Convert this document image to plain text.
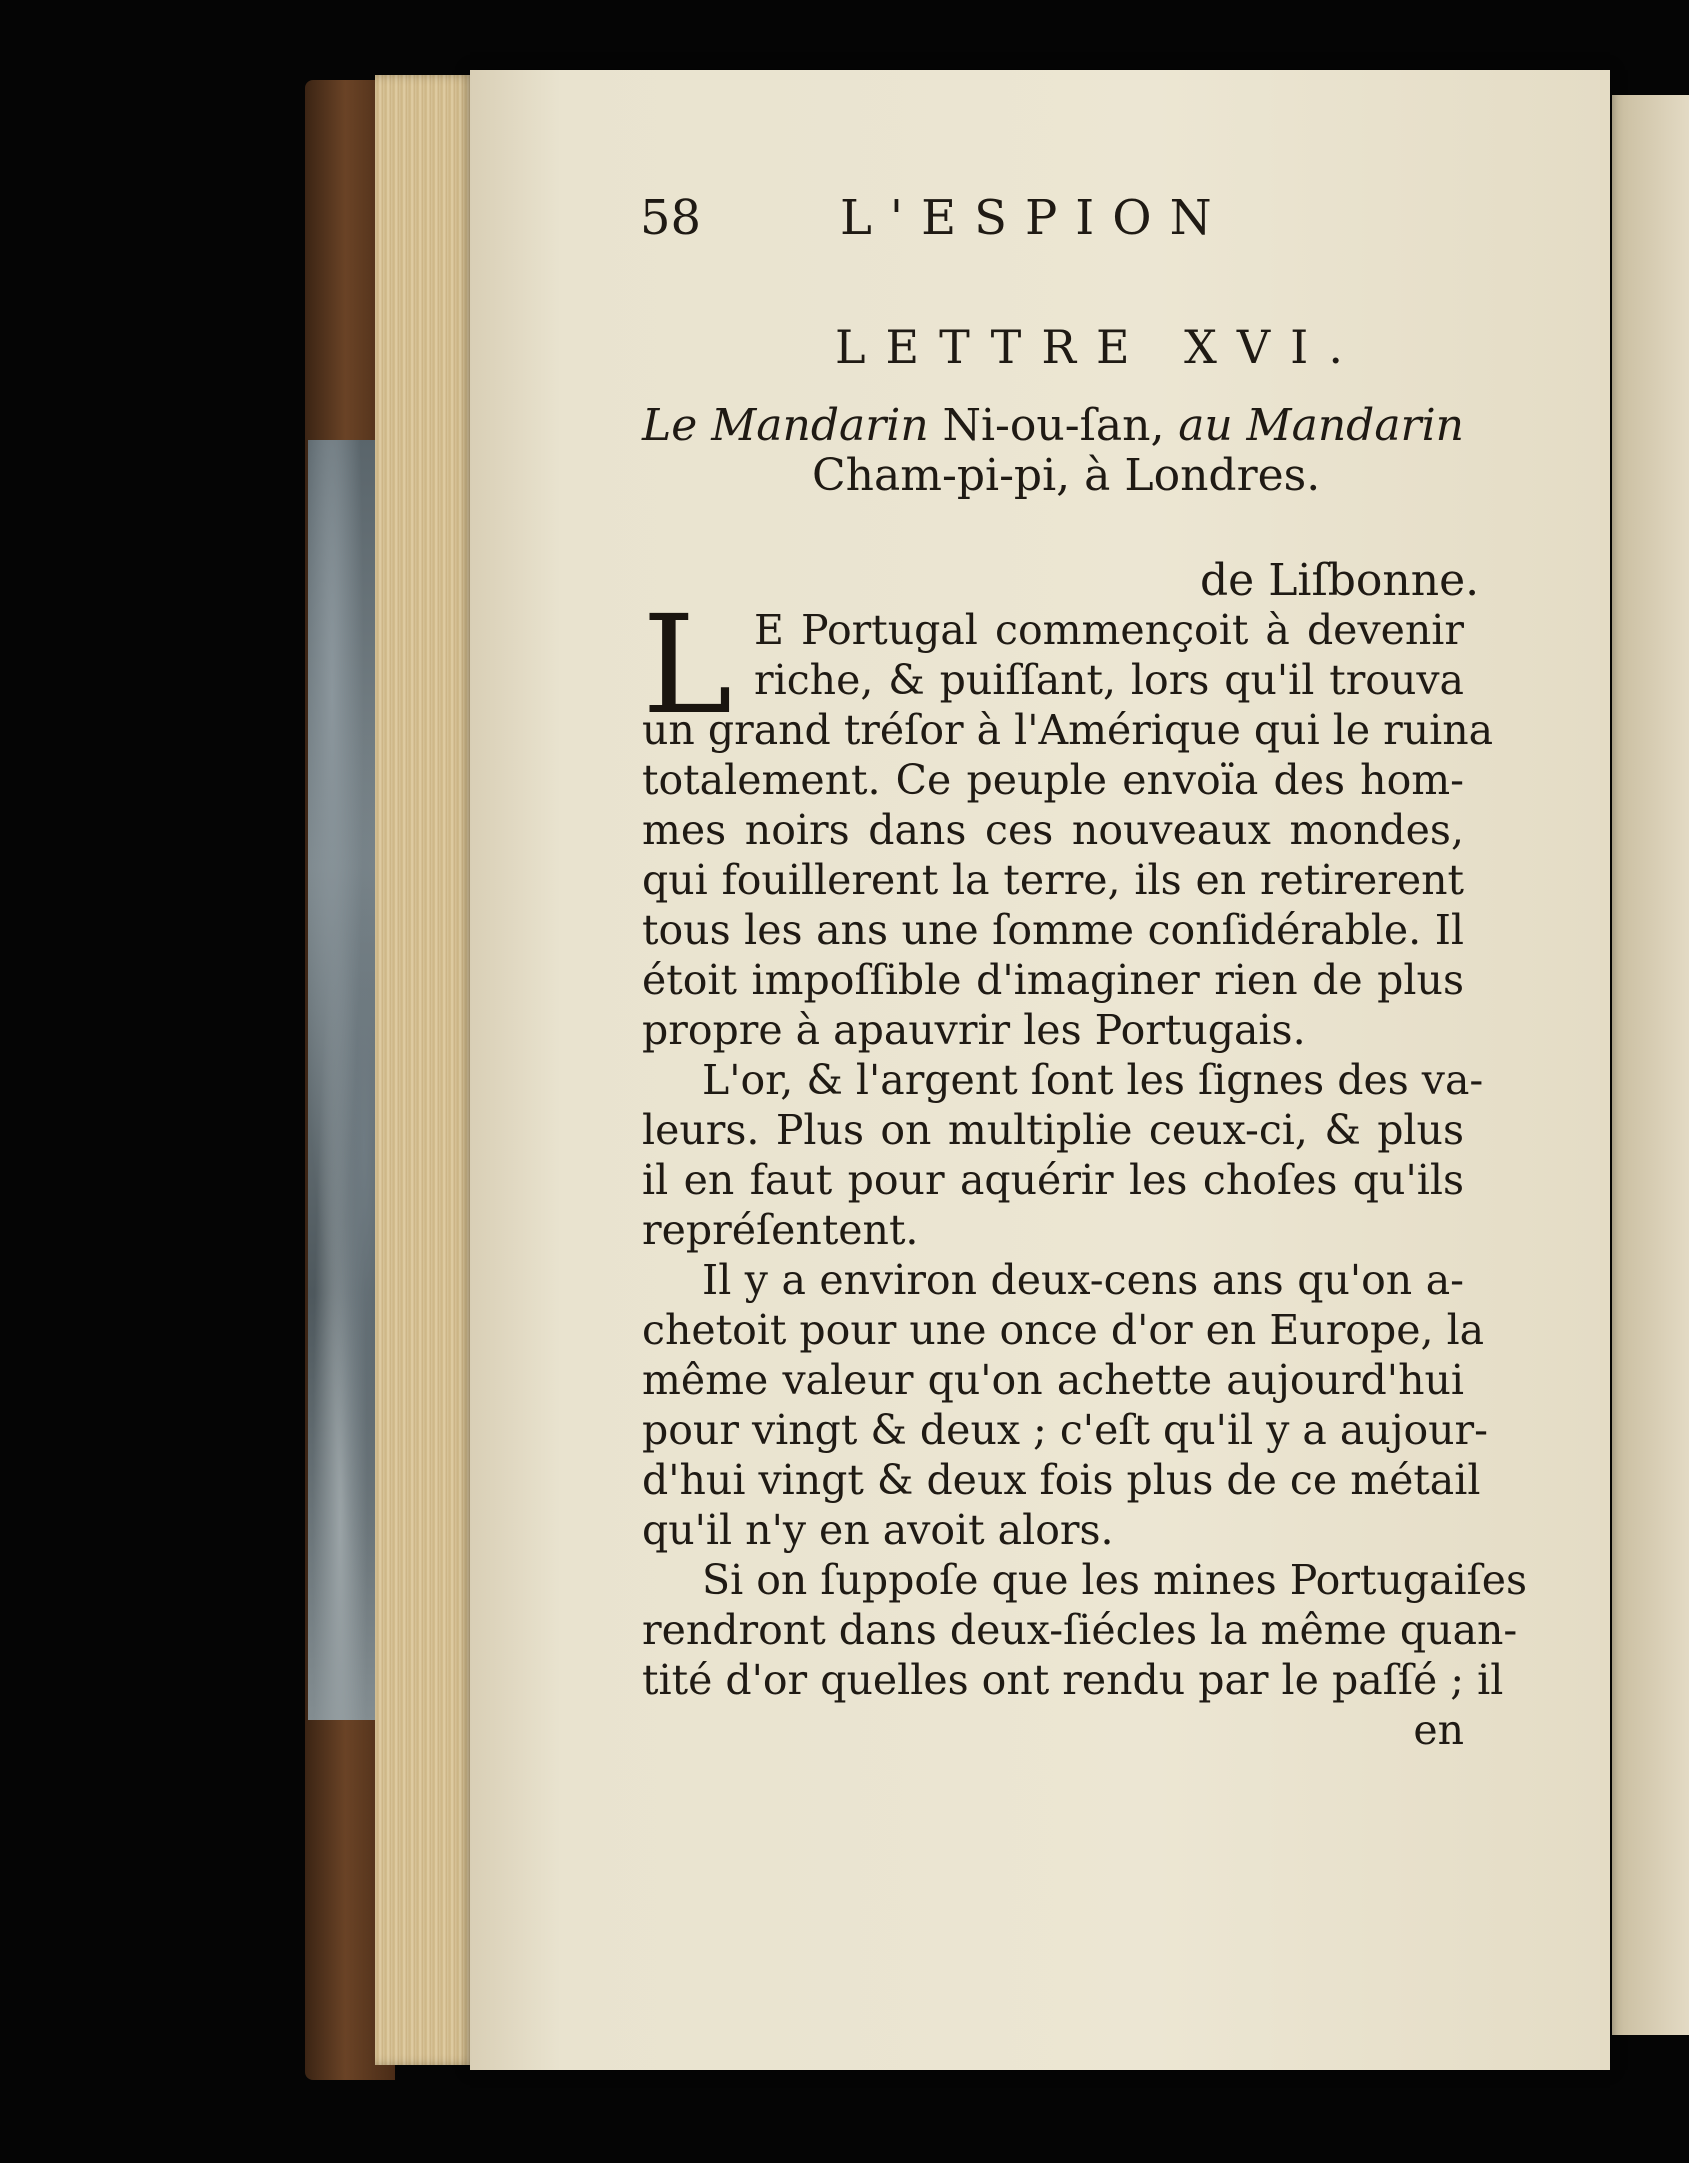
58	L'ESPION
LETTRE XVI.
Le Mandarin Ni-ou-ſan, au Mandarin
Cham-pi-pi, à Londres.
de Liſbonne.
L E Portugal commençoit à devenir
riche, & puiſſant, lors qu'il trouva
un grand tréſor à l'Amérique qui le ruina
totalement. Ce peuple envoïa des hom-
mes noirs dans ces nouveaux mondes,
qui fouillerent la terre, ils en retirerent
tous les ans une ſomme conſidérable. Il
étoit impoſſible d'imaginer rien de plus
propre à apauvrir les Portugais.
L'or, & l'argent ſont les ſignes des va-
leurs. Plus on multiplie ceux-ci, & plus
il en faut pour aquérir les choſes qu'ils
repréſentent.
Il y a environ deux-cens ans qu'on a-
chetoit pour une once d'or en Europe, la
même valeur qu'on achette aujourd'hui
pour vingt & deux ; c'eſt qu'il y a aujour-
d'hui vingt & deux fois plus de ce métail
qu'il n'y en avoit alors.
Si on ſuppoſe que les mines Portugaiſes
rendront dans deux-ſiécles la même quan-
tité d'or quelles ont rendu par le paſſé ; il
en
